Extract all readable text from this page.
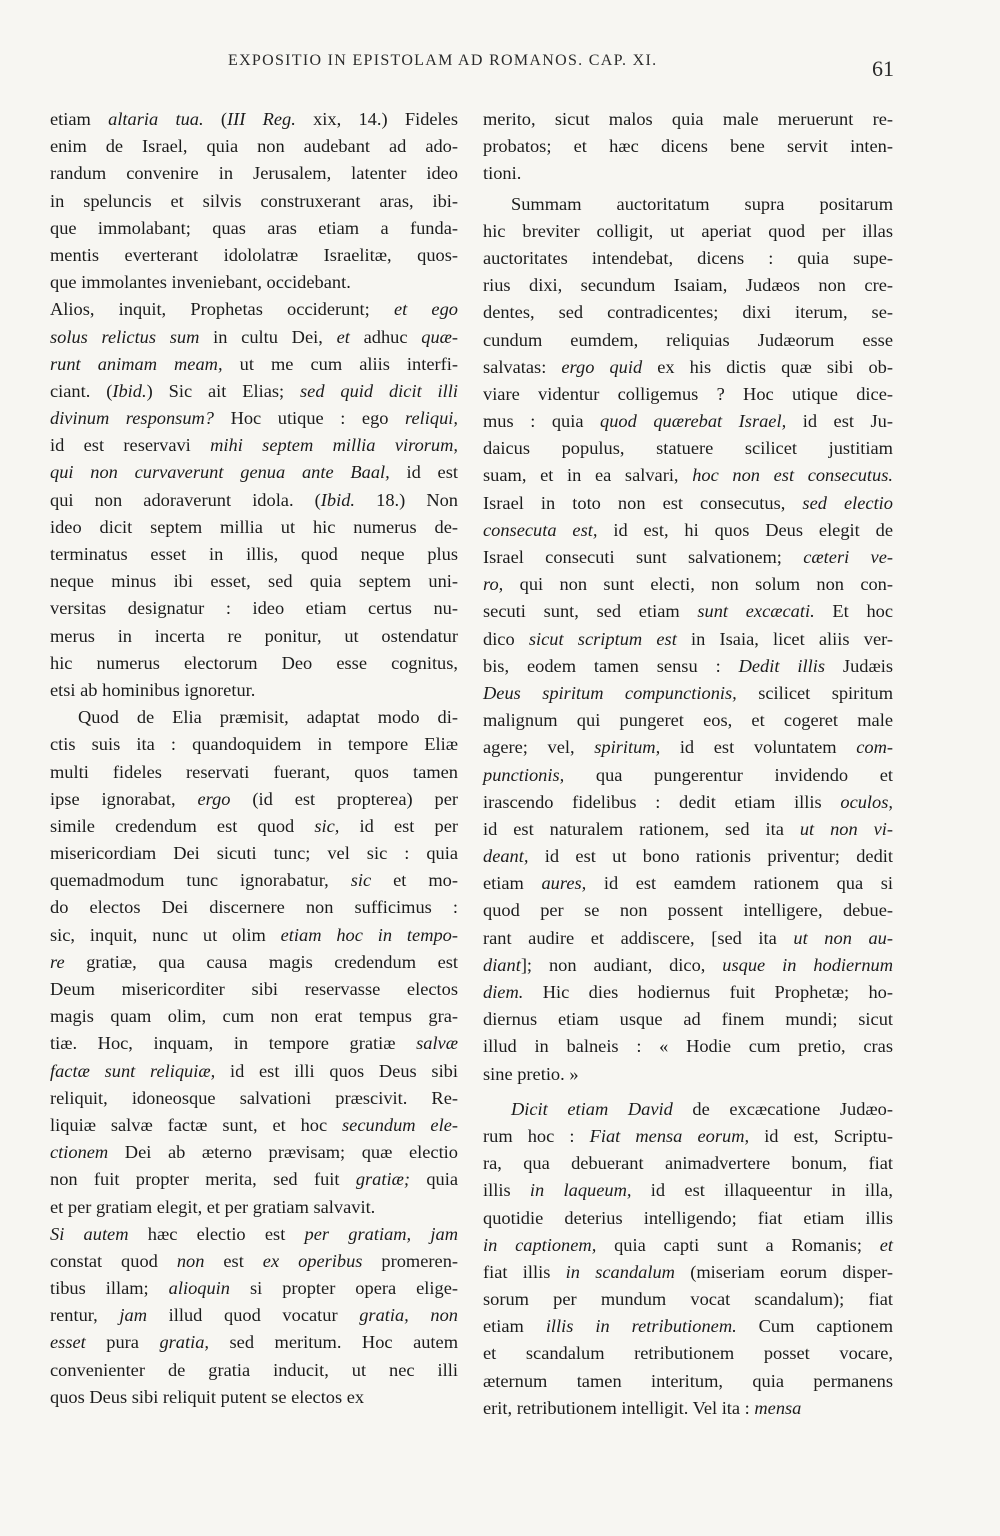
EXPOSITIO IN EPISTOLAM AD ROMANOS. CAP. XI.	61
etiam altaria tua. (III Reg. xix, 14.) Fideles
enim de Israel, quia non audebant ad ado-
randum convenire in Jerusalem, latenter ideo
in speluncis et silvis construxerant aras, ibi-
que immolabant; quas aras etiam a funda-
mentis everterant idololatræ Israelitæ, quos-
que immolantes inveniebant, occidebant.
Alios, inquit, Prophetas occiderunt; et ego
solus relictus sum in cultu Dei, et adhuc quæ-
runt animam meam, ut me cum aliis interfi-
ciant. (Ibid.) Sic ait Elias; sed quid dicit illi
divinum responsum? Hoc utique : ego reliqui,
id est reservavi mihi septem millia virorum,
qui non curvaverunt genua ante Baal, id est
qui non adoraverunt idola. (Ibid. 18.) Non
ideo dicit septem millia ut hic numerus de-
terminatus esset in illis, quod neque plus
neque minus ibi esset, sed quia septem uni-
versitas designatur : ideo etiam certus nu-
merus in incerta re ponitur, ut ostendatur
hic numerus electorum Deo esse cognitus,
etsi ab hominibus ignoretur.
Quod de Elia præmisit, adaptat modo di-
ctis suis ita : quandoquidem in tempore Eliæ
multi fideles reservati fuerant, quos tamen
ipse ignorabat, ergo (id est propterea) per
simile credendum est quod sic, id est per
misericordiam Dei sicuti tunc; vel sic : quia
quemadmodum tunc ignorabatur, sic et mo-
do electos Dei discernere non sufficimus :
sic, inquit, nunc ut olim etiam hoc in tempo-
re gratiæ, qua causa magis credendum est
Deum misericorditer sibi reservasse electos
magis quam olim, cum non erat tempus gra-
tiæ. Hoc, inquam, in tempore gratiæ salvæ
factæ sunt reliquiæ, id est illi quos Deus sibi
reliquit, idoneosque salvationi præscivit. Re-
liquiæ salvæ factæ sunt, et hoc secundum ele-
ctionem Dei ab æterno prævisam; quæ electio
non fuit propter merita, sed fuit gratiæ; quia
et per gratiam elegit, et per gratiam salvavit.
Si autem hæc electio est per gratiam, jam
constat quod non est ex operibus promeren-
tibus illam; alioquin si propter opera elige-
rentur, jam illud quod vocatur gratia, non
esset pura gratia, sed meritum. Hoc autem
convenienter de gratia inducit, ut nec illi
quos Deus sibi reliquit putent se electos ex
merito, sicut malos quia male meruerunt re-
probatos; et hæc dicens bene servit inten-
tioni.
Summam auctoritatum supra positarum
hic breviter colligit, ut aperiat quod per illas
auctoritates intendebat, dicens : quia supe-
rius dixi, secundum Isaiam, Judæos non cre-
dentes, sed contradicentes; dixi iterum, se-
cundum eumdem, reliquias Judæorum esse
salvatas: ergo quid ex his dictis quæ sibi ob-
viare videntur colligemus ? Hoc utique dice-
mus : quia quod quærebat Israel, id est Ju-
daicus populus, statuere scilicet justitiam
suam, et in ea salvari, hoc non est consecutus.
Israel in toto non est consecutus, sed electio
consecuta est, id est, hi quos Deus elegit de
Israel consecuti sunt salvationem; cæteri ve-
ro, qui non sunt electi, non solum non con-
secuti sunt, sed etiam sunt excæcati. Et hoc
dico sicut scriptum est in Isaia, licet aliis ver-
bis, eodem tamen sensu : Dedit illis Judæis
Deus spiritum compunctionis, scilicet spiritum
malignum qui pungeret eos, et cogeret male
agere; vel, spiritum, id est voluntatem com-
punctionis, qua pungerentur invidendo et
irascendo fidelibus : dedit etiam illis oculos,
id est naturalem rationem, sed ita ut non vi-
deant, id est ut bono rationis priventur; dedit
etiam aures, id est eamdem rationem qua si
quod per se non possent intelligere, debue-
rant audire et addiscere, [sed ita ut non au-
diant]; non audiant, dico, usque in hodiernum
diem. Hic dies hodiernus fuit Prophetæ; ho-
diernus etiam usque ad finem mundi; sicut
illud in balneis : « Hodie cum pretio, cras
sine pretio. »
Dicit etiam David de excæcatione Judæo-
rum hoc : Fiat mensa eorum, id est, Scriptu-
ra, qua debuerant animadvertere bonum, fiat
illis in laqueum, id est illaqueentur in illa,
quotidie deterius intelligendo; fiat etiam illis
in captionem, quia capti sunt a Romanis; et
fiat illis in scandalum (miseriam eorum disper-
sorum per mundum vocat scandalum); fiat
etiam illis in retributionem. Cum captionem
et scandalum retributionem posset vocare,
æternum tamen interitum, quia permanens
erit, retributionem intelligit. Vel ita : mensa
